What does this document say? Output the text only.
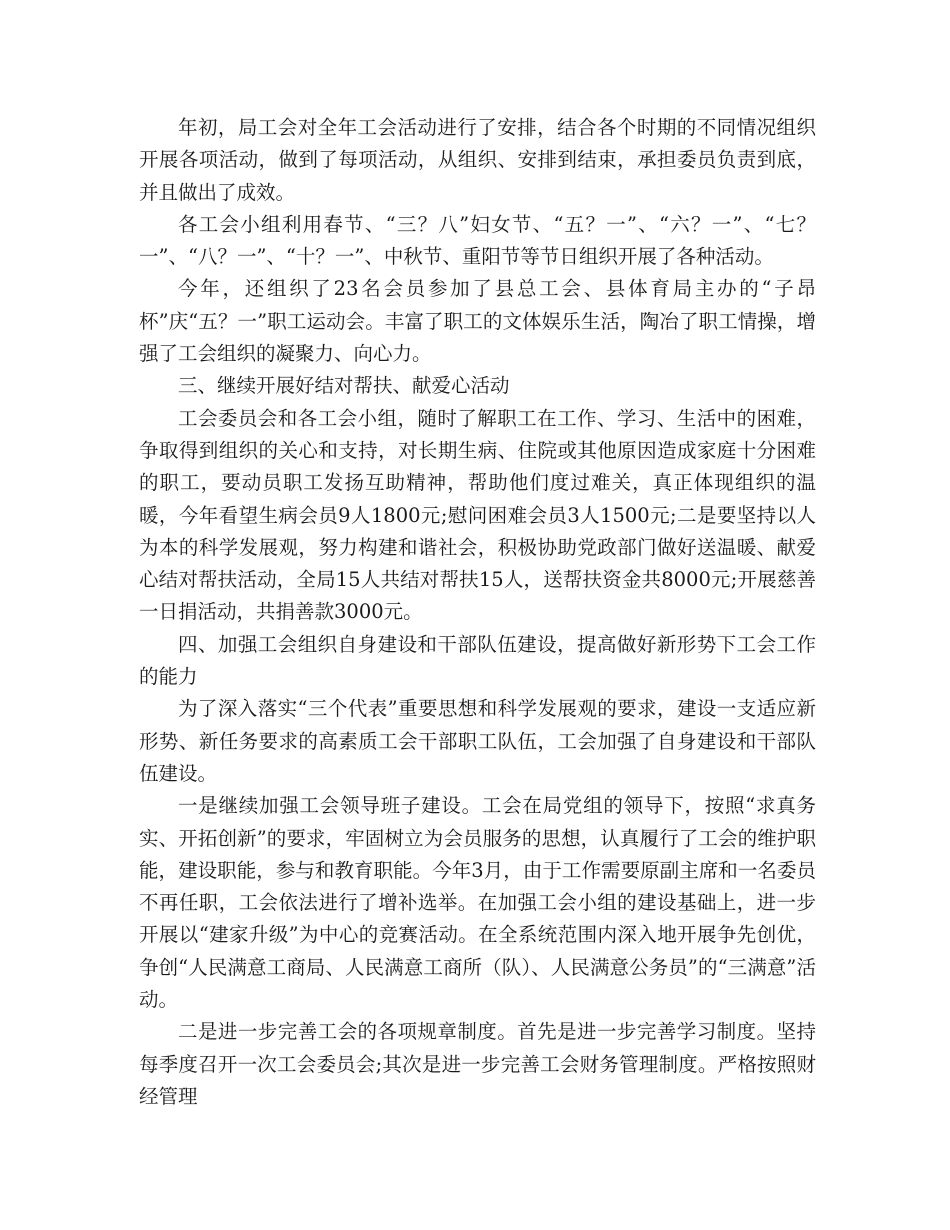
年初，局工会对全年工会活动进行了安排，结合各个时期的不同情况组织开展各项活动，做到了每项活动，从组织、安排到结束，承担委员负责到底，并且做出了成效。

各工会小组利用春节、“三？八”妇女节、“五？一”、“六？一”、“七？一”、“八？一”、“十？一”、中秋节、重阳节等节日组织开展了各种活动。

今年，还组织了23名会员参加了县总工会、县体育局主办的“子昂杯”庆“五？一”职工运动会。丰富了职工的文体娱乐生活，陶冶了职工情操，增强了工会组织的凝聚力、向心力。

三、继续开展好结对帮扶、献爱心活动

工会委员会和各工会小组，随时了解职工在工作、学习、生活中的困难，争取得到组织的关心和支持，对长期生病、住院或其他原因造成家庭十分困难的职工，要动员职工发扬互助精神，帮助他们度过难关，真正体现组织的温暖，今年看望生病会员9人1800元;慰问困难会员3人1500元;二是要坚持以人为本的科学发展观，努力构建和谐社会，积极协助党政部门做好送温暖、献爱心结对帮扶活动，全局15人共结对帮扶15人，送帮扶资金共8000元;开展慈善一日捐活动，共捐善款3000元。

四、加强工会组织自身建设和干部队伍建设，提高做好新形势下工会工作的能力

为了深入落实“三个代表”重要思想和科学发展观的要求，建设一支适应新形势、新任务要求的高素质工会干部职工队伍，工会加强了自身建设和干部队伍建设。

一是继续加强工会领导班子建设。工会在局党组的领导下，按照“求真务实、开拓创新”的要求，牢固树立为会员服务的思想，认真履行了工会的维护职能，建设职能，参与和教育职能。今年3月，由于工作需要原副主席和一名委员不再任职，工会依法进行了增补选举。在加强工会小组的建设基础上，进一步开展以“建家升级”为中心的竞赛活动。在全系统范围内深入地开展争先创优，争创“人民满意工商局、人民满意工商所（队）、人民满意公务员”的“三满意”活动。

二是进一步完善工会的各项规章制度。首先是进一步完善学习制度。坚持每季度召开一次工会委员会;其次是进一步完善工会财务管理制度。严格按照财经管理
